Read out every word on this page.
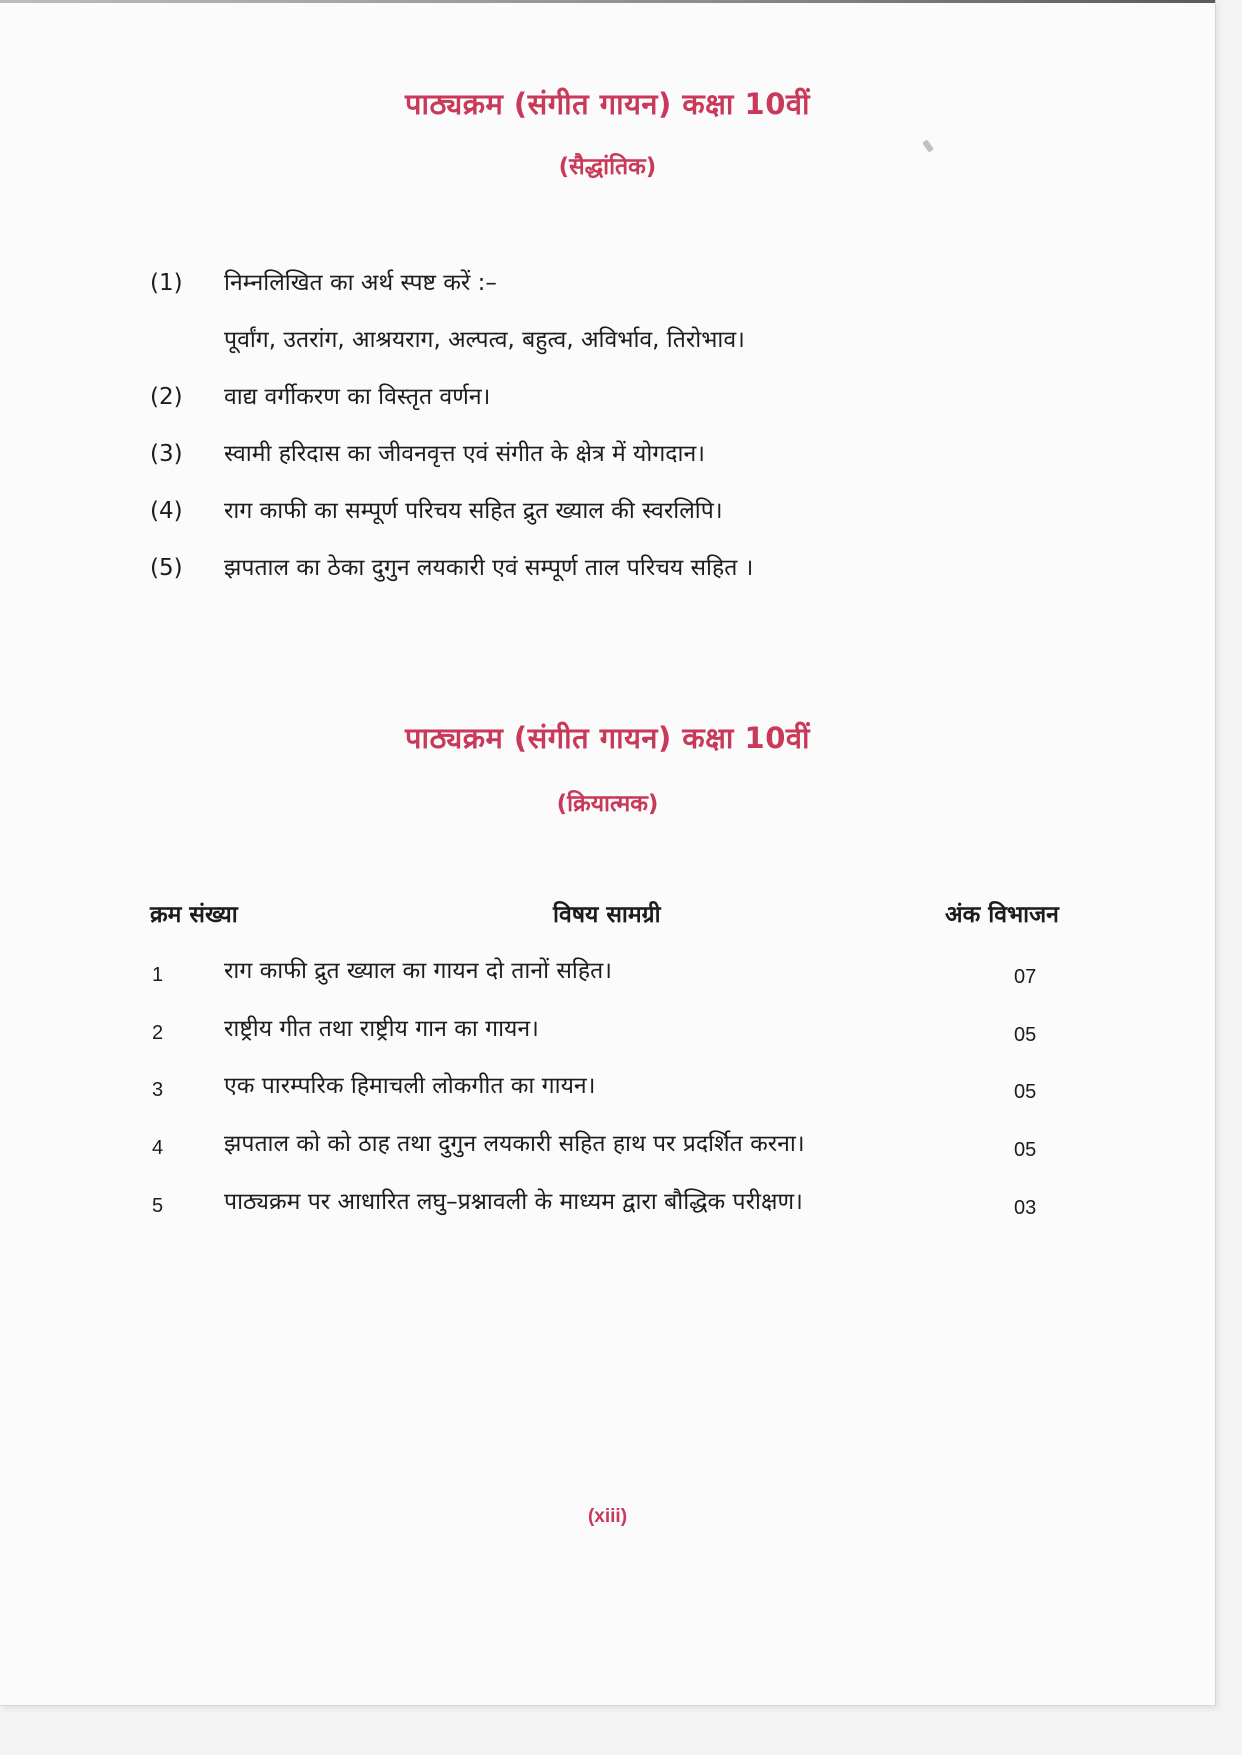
पाठ्यक्रम (संगीत गायन) कक्षा 10वीं
(सैद्धांतिक)
(1) निम्नलिखित का अर्थ स्पष्ट करें :–
पूर्वांग, उतरांग, आश्रयराग, अल्पत्व, बहुत्व, अविर्भाव, तिरोभाव।
(2) वाद्य वर्गीकरण का विस्तृत वर्णन।
(3) स्वामी हरिदास का जीवनवृत्त एवं संगीत के क्षेत्र में योगदान।
(4) राग काफी का सम्पूर्ण परिचय सहित द्रुत ख्याल की स्वरलिपि।
(5) झपताल का ठेका दुगुन लयकारी एवं सम्पूर्ण ताल परिचय सहित ।
पाठ्यक्रम (संगीत गायन) कक्षा 10वीं
(क्रियात्मक)
क्रम संख्या	विषय सामग्री	अंक विभाजन
1	राग काफी द्रुत ख्याल का गायन दो तानों सहित।	07
2	राष्ट्रीय गीत तथा राष्ट्रीय गान का गायन।	05
3	एक पारम्परिक हिमाचली लोकगीत का गायन।	05
4	झपताल को को ठाह तथा दुगुन लयकारी सहित हाथ पर प्रदर्शित करना।	05
5	पाठ्यक्रम पर आधारित लघु–प्रश्नावली के माध्यम द्वारा बौद्धिक परीक्षण।	03
(xiii)
